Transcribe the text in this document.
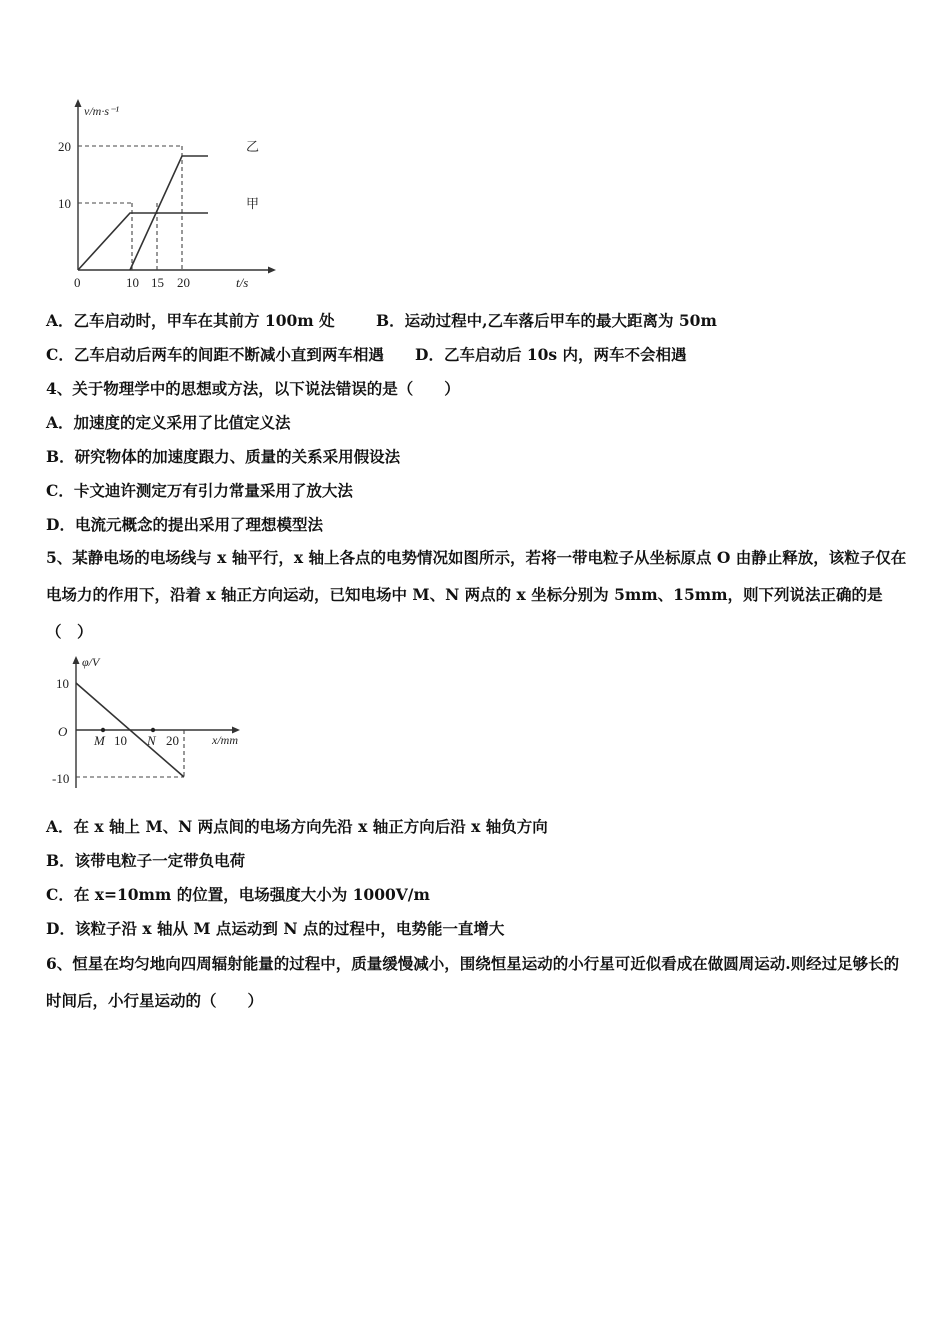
v/m·s⁻¹
t/s
20
10
0	10 15 20
乙
甲
A．乙车启动时，甲车在其前方 100m 处	B．运动过程中,乙车落后甲车的最大距离为 50m
C．乙车启动后两车的间距不断减小直到两车相遇 D．乙车启动后 10s 内，两车不会相遇
4、关于物理学中的思想或方法，以下说法错误的是（　　）
A．加速度的定义采用了比值定义法
B．研究物体的加速度跟力、质量的关系采用假设法
C．卡文迪许测定万有引力常量采用了放大法
D．电流元概念的提出采用了理想模型法
5、某静电场的电场线与 x 轴平行，x 轴上各点的电势情况如图所示，若将一带电粒子从坐标原点 O 由静止释放，该粒子仅在电场力的作用下，沿着 x 轴正方向运动，已知电场中 M、N 两点的 x 坐标分别为 5mm、15mm，则下列说法正确的是（　）
φ/V
x/mm
10
-10
O
M 10 N 20
A．在 x 轴上 M、N 两点间的电场方向先沿 x 轴正方向后沿 x 轴负方向
B．该带电粒子一定带负电荷
C．在 x=10mm 的位置，电场强度大小为 1000V/m
D．该粒子沿 x 轴从 M 点运动到 N 点的过程中，电势能一直增大
6、恒星在均匀地向四周辐射能量的过程中，质量缓慢减小，围绕恒星运动的小行星可近似看成在做圆周运动.则经过足够长的时间后，小行星运动的（　　）
